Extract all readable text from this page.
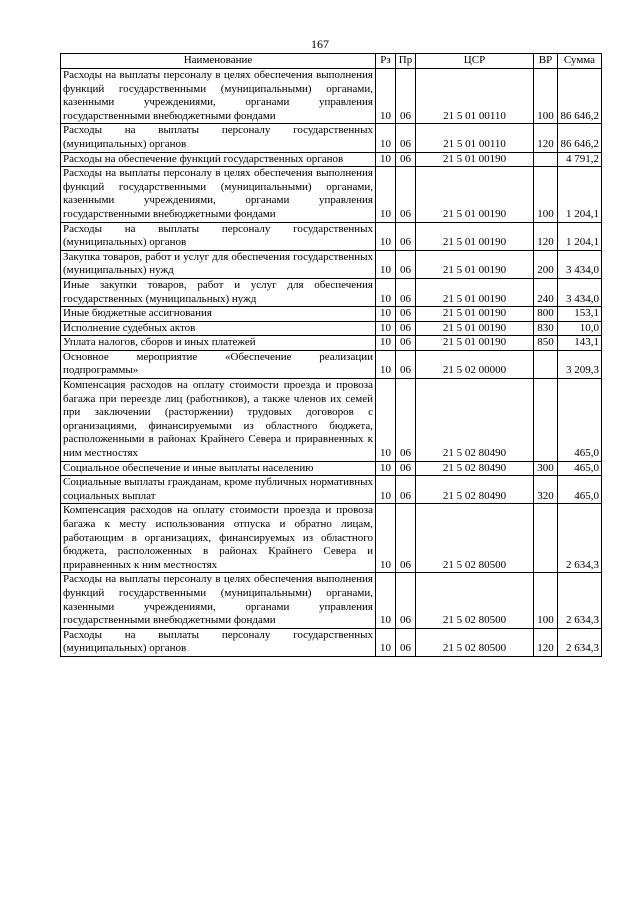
167
Наименование	Рз	Пр	ЦСР	ВР	Сумма
Расходы на выплаты персоналу в целях обеспечения выполнения функций государственными (муниципальными) органами, казенными учреждениями, органами управления государственными внебюджетными фондами	10	06	21 5 01 00110	100	86 646,2
Расходы на выплаты персоналу государственных (муниципальных) органов	10	06	21 5 01 00110	120	86 646,2
Расходы на обеспечение функций государственных органов	10	06	21 5 01 00190		4 791,2
Расходы на выплаты персоналу в целях обеспечения выполнения функций государственными (муниципальными) органами, казенными учреждениями, органами управления государственными внебюджетными фондами	10	06	21 5 01 00190	100	1 204,1
Расходы на выплаты персоналу государственных (муниципальных) органов	10	06	21 5 01 00190	120	1 204,1
Закупка товаров, работ и услуг для обеспечения государственных (муниципальных) нужд	10	06	21 5 01 00190	200	3 434,0
Иные закупки товаров, работ и услуг для обеспечения государственных (муниципальных) нужд	10	06	21 5 01 00190	240	3 434,0
Иные бюджетные ассигнования	10	06	21 5 01 00190	800	153,1
Исполнение судебных актов	10	06	21 5 01 00190	830	10,0
Уплата налогов, сборов и иных платежей	10	06	21 5 01 00190	850	143,1
Основное мероприятие «Обеспечение реализации подпрограммы»	10	06	21 5 02 00000		3 209,3
Компенсация расходов на оплату стоимости проезда и провоза багажа при переезде лиц (работников), а также членов их семей при заключении (расторжении) трудовых договоров с организациями, финансируемыми из областного бюджета, расположенными в районах Крайнего Севера и приравненных к ним местностях	10	06	21 5 02 80490		465,0
Социальное обеспечение и иные выплаты населению	10	06	21 5 02 80490	300	465,0
Социальные выплаты гражданам, кроме публичных нормативных социальных выплат	10	06	21 5 02 80490	320	465,0
Компенсация расходов на оплату стоимости проезда и провоза багажа к месту использования отпуска и обратно лицам, работающим в организациях, финансируемых из областного бюджета, расположенных в районах Крайнего Севера и приравненных к ним местностях	10	06	21 5 02 80500		2 634,3
Расходы на выплаты персоналу в целях обеспечения выполнения функций государственными (муниципальными) органами, казенными учреждениями, органами управления государственными внебюджетными фондами	10	06	21 5 02 80500	100	2 634,3
Расходы на выплаты персоналу государственных (муниципальных) органов	10	06	21 5 02 80500	120	2 634,3
